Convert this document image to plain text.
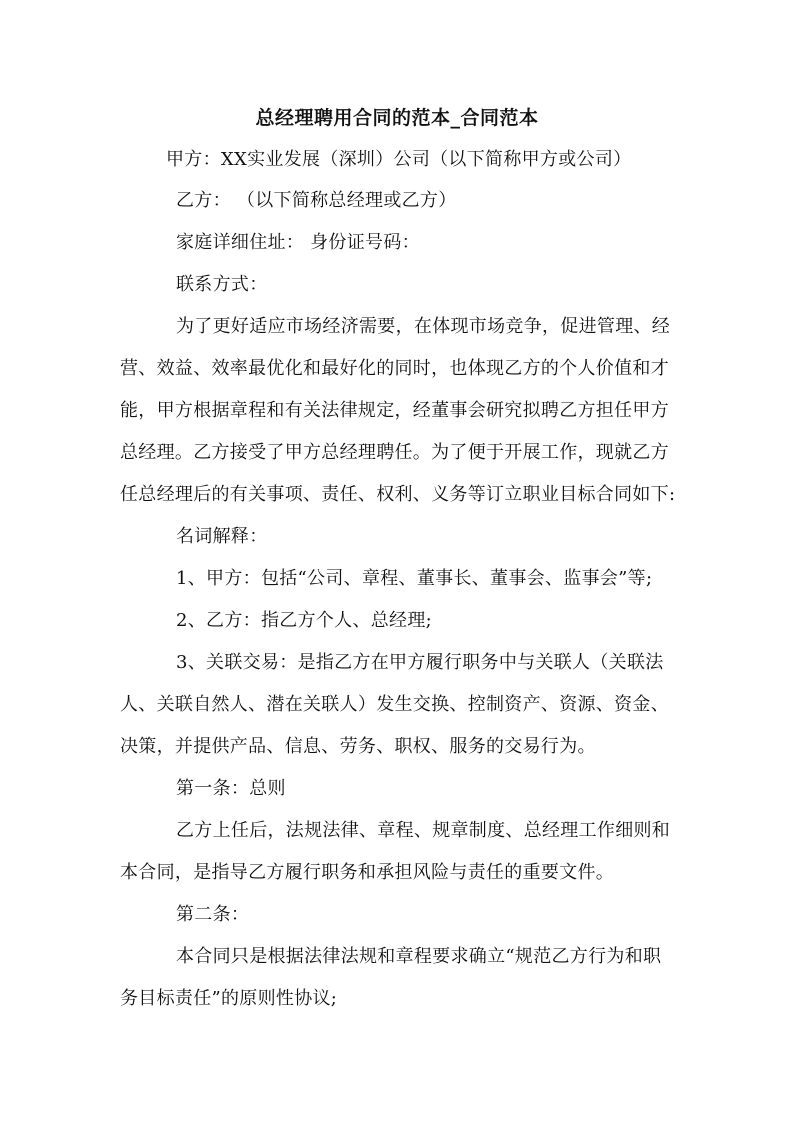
总经理聘用合同的范本_合同范本
甲方：XX实业发展（深圳）公司（以下简称甲方或公司）
乙方： （以下简称总经理或乙方）
家庭详细住址： 身份证号码：
联系方式：
为了更好适应市场经济需要，在体现市场竞争，促进管理、经
营、效益、效率最优化和最好化的同时，也体现乙方的个人价值和才
能，甲方根据章程和有关法律规定，经董事会研究拟聘乙方担任甲方
总经理。乙方接受了甲方总经理聘任。为了便于开展工作，现就乙方
任总经理后的有关事项、责任、权利、义务等订立职业目标合同如下:
名词解释：
1、甲方：包括“公司、章程、董事长、董事会、监事会”等;
2、乙方：指乙方个人、总经理;
3、关联交易：是指乙方在甲方履行职务中与关联人（关联法
人、关联自然人、潜在关联人）发生交换、控制资产、资源、资金、
决策，并提供产品、信息、劳务、职权、服务的交易行为。
第一条：总则
乙方上任后，法规法律、章程、规章制度、总经理工作细则和
本合同，是指导乙方履行职务和承担风险与责任的重要文件。
第二条：
本合同只是根据法律法规和章程要求确立“规范乙方行为和职
务目标责任”的原则性协议;
